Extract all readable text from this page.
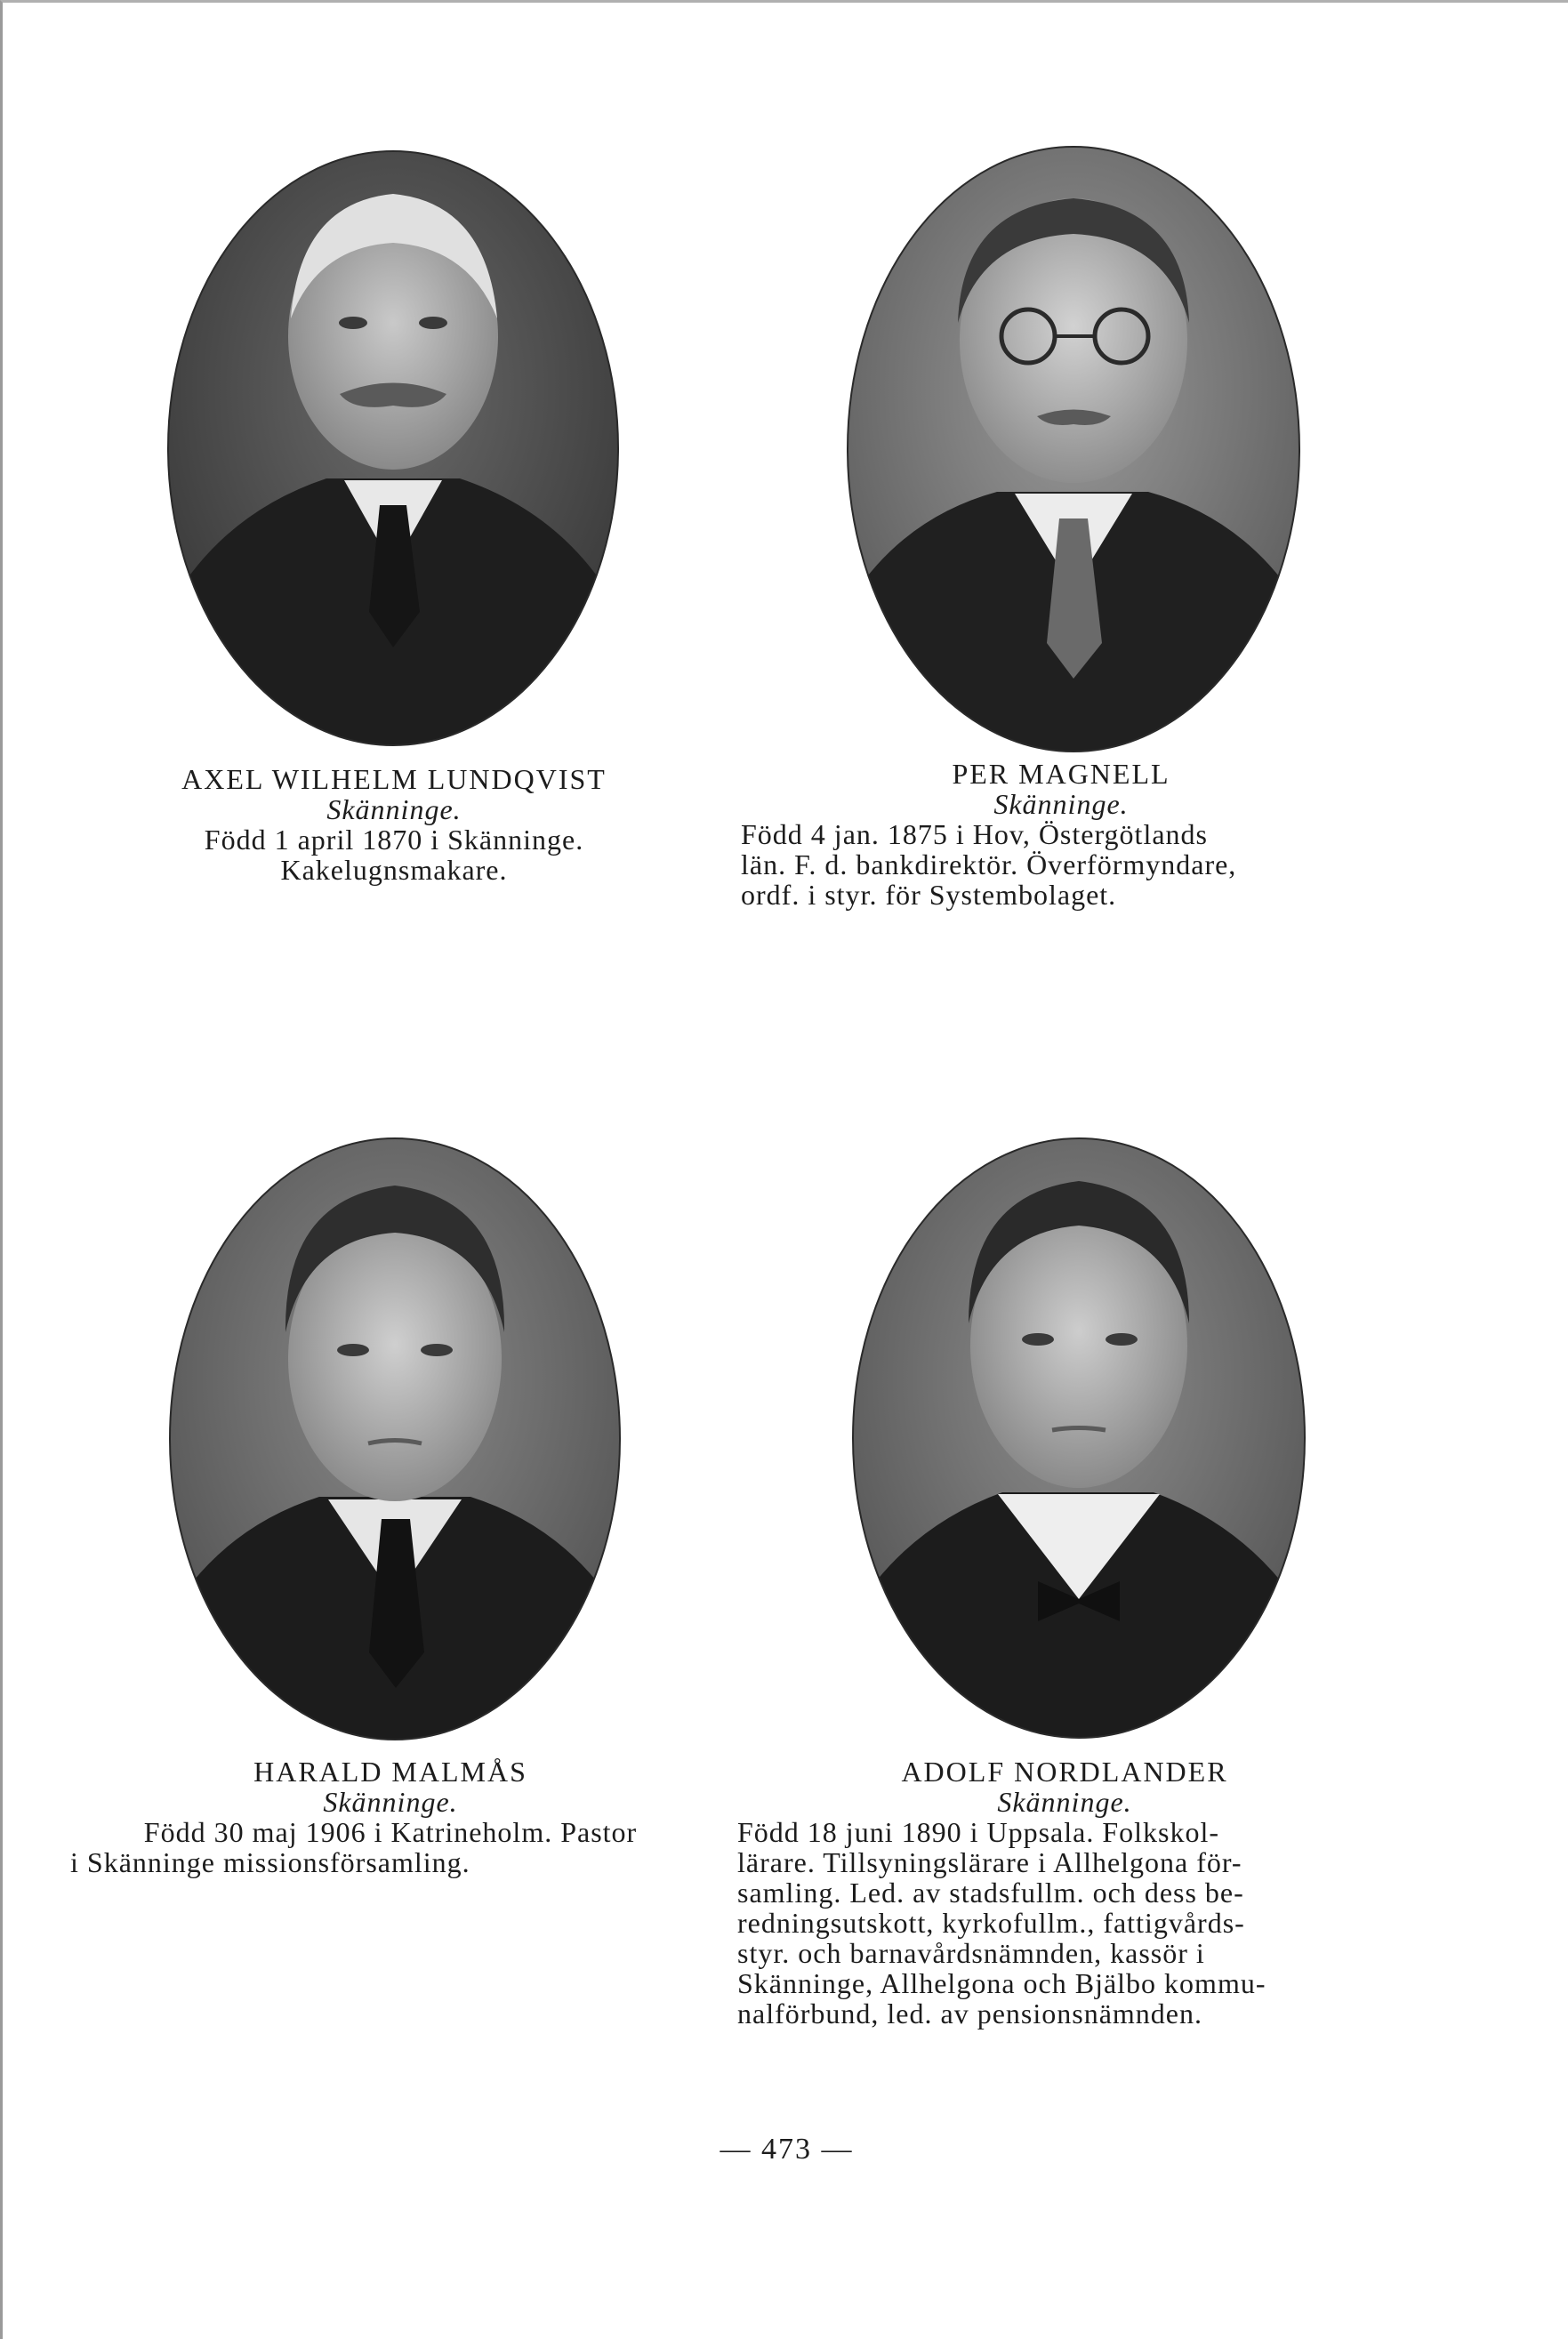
AXEL WILHELM LUNDQVIST
Skänninge.
Född 1 april 1870 i Skänninge.
Kakelugnsmakare.
PER MAGNELL
Skänninge.
Född 4 jan. 1875 i Hov, Östergötlands
län. F. d. bankdirektör. Överförmyndare,
ordf. i styr. för Systembolaget.
HARALD MALMÅS
Skänninge.
Född 30 maj 1906 i Katrineholm. Pastor
i Skänninge missionsförsamling.
ADOLF NORDLANDER
Skänninge.
Född 18 juni 1890 i Uppsala. Folkskol-
lärare. Tillsyningslärare i Allhelgona för-
samling. Led. av stadsfullm. och dess be-
redningsutskott, kyrkofullm., fattigvårds-
styr. och barnavårdsnämnden, kassör i
Skänninge, Allhelgona och Bjälbo kommu-
nalförbund, led. av pensionsnämnden.
— 473 —
